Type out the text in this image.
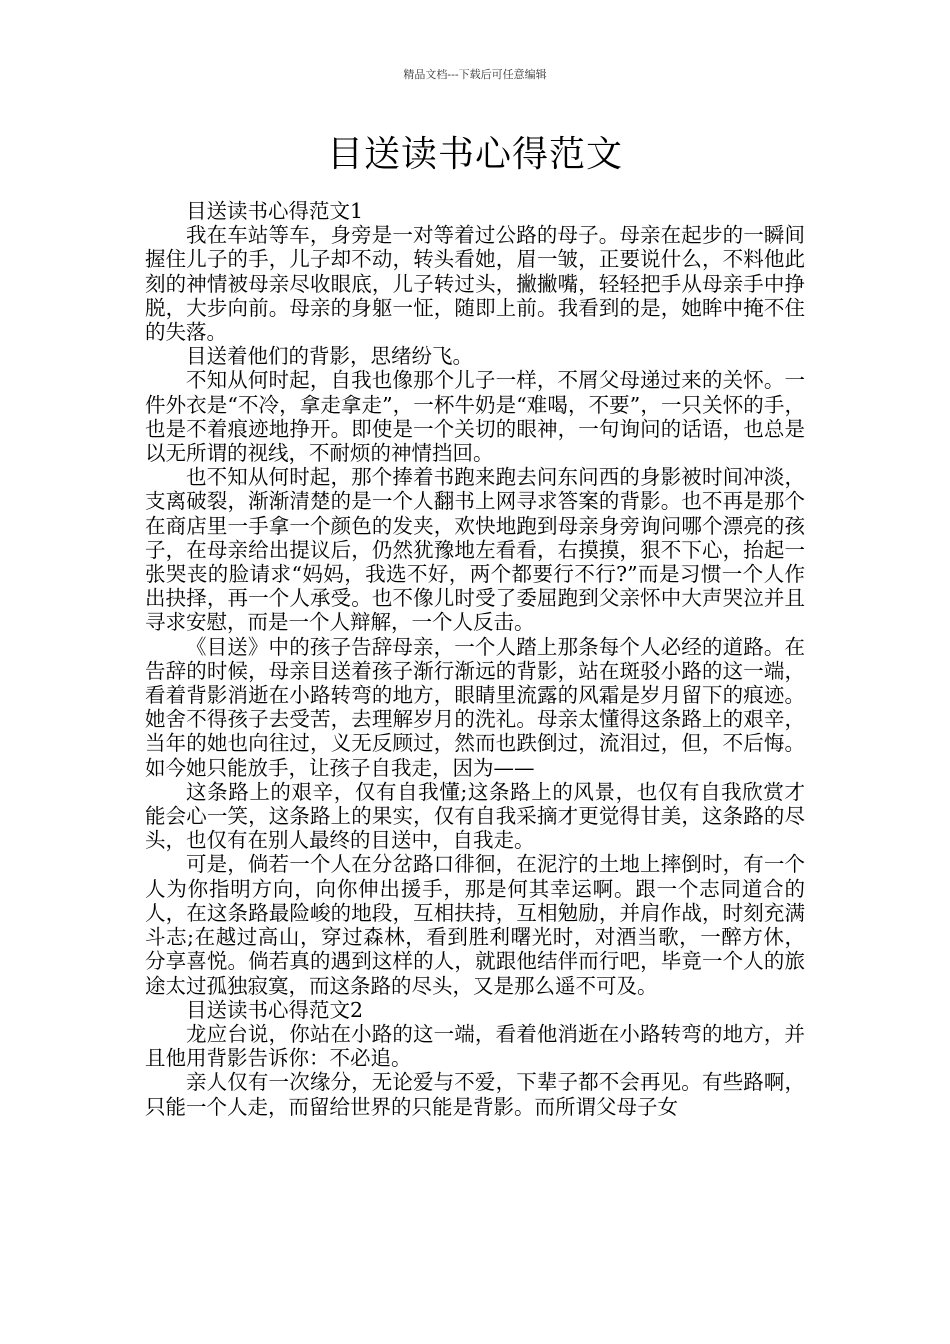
精品文档---下载后可任意编辑
目送读书心得范文

目送读书心得范文1

我在车站等车，身旁是一对等着过公路的母子。母亲在起步的一瞬间握住儿子的手，儿子却不动，转头看她，眉一皱，正要说什么，不料他此刻的神情被母亲尽收眼底，儿子转过头，撇撇嘴，轻轻把手从母亲手中挣脱，大步向前。母亲的身躯一怔，随即上前。我看到的是，她眸中掩不住的失落。

目送着他们的背影，思绪纷飞。

不知从何时起，自我也像那个儿子一样，不屑父母递过来的关怀。一件外衣是“不冷，拿走拿走”，一杯牛奶是“难喝，不要”，一只关怀的手，也是不着痕迹地挣开。即使是一个关切的眼神，一句询问的话语，也总是以无所谓的视线，不耐烦的神情挡回。

也不知从何时起，那个捧着书跑来跑去问东问西的身影被时间冲淡，支离破裂，渐渐清楚的是一个人翻书上网寻求答案的背影。也不再是那个在商店里一手拿一个颜色的发夹，欢快地跑到母亲身旁询问哪个漂亮的孩子，在母亲给出提议后，仍然犹豫地左看看，右摸摸，狠不下心，抬起一张哭丧的脸请求“妈妈，我选不好，两个都要行不行?”而是习惯一个人作出抉择，再一个人承受。也不像儿时受了委屈跑到父亲怀中大声哭泣并且寻求安慰，而是一个人辩解，一个人反击。

《目送》中的孩子告辞母亲，一个人踏上那条每个人必经的道路。在告辞的时候，母亲目送着孩子渐行渐远的背影，站在斑驳小路的这一端，看着背影消逝在小路转弯的地方，眼睛里流露的风霜是岁月留下的痕迹。她舍不得孩子去受苦，去理解岁月的洗礼。母亲太懂得这条路上的艰辛，当年的她也向往过，义无反顾过，然而也跌倒过，流泪过，但，不后悔。如今她只能放手，让孩子自我走，因为——

这条路上的艰辛，仅有自我懂;这条路上的风景，也仅有自我欣赏才能会心一笑，这条路上的果实，仅有自我采摘才更觉得甘美，这条路的尽头，也仅有在别人最终的目送中，自我走。

可是，倘若一个人在分岔路口徘徊，在泥泞的土地上摔倒时，有一个人为你指明方向，向你伸出援手，那是何其幸运啊。跟一个志同道合的人，在这条路最险峻的地段，互相扶持，互相勉励，并肩作战，时刻充满斗志;在越过高山，穿过森林，看到胜利曙光时，对酒当歌，一醉方休，分享喜悦。倘若真的遇到这样的人，就跟他结伴而行吧，毕竟一个人的旅途太过孤独寂寞，而这条路的尽头，又是那么遥不可及。

目送读书心得范文2

龙应台说，你站在小路的这一端，看着他消逝在小路转弯的地方，并且他用背影告诉你：不必追。

亲人仅有一次缘分，无论爱与不爱，下辈子都不会再见。有些路啊，只能一个人走，而留给世界的只能是背影。而所谓父母子女
